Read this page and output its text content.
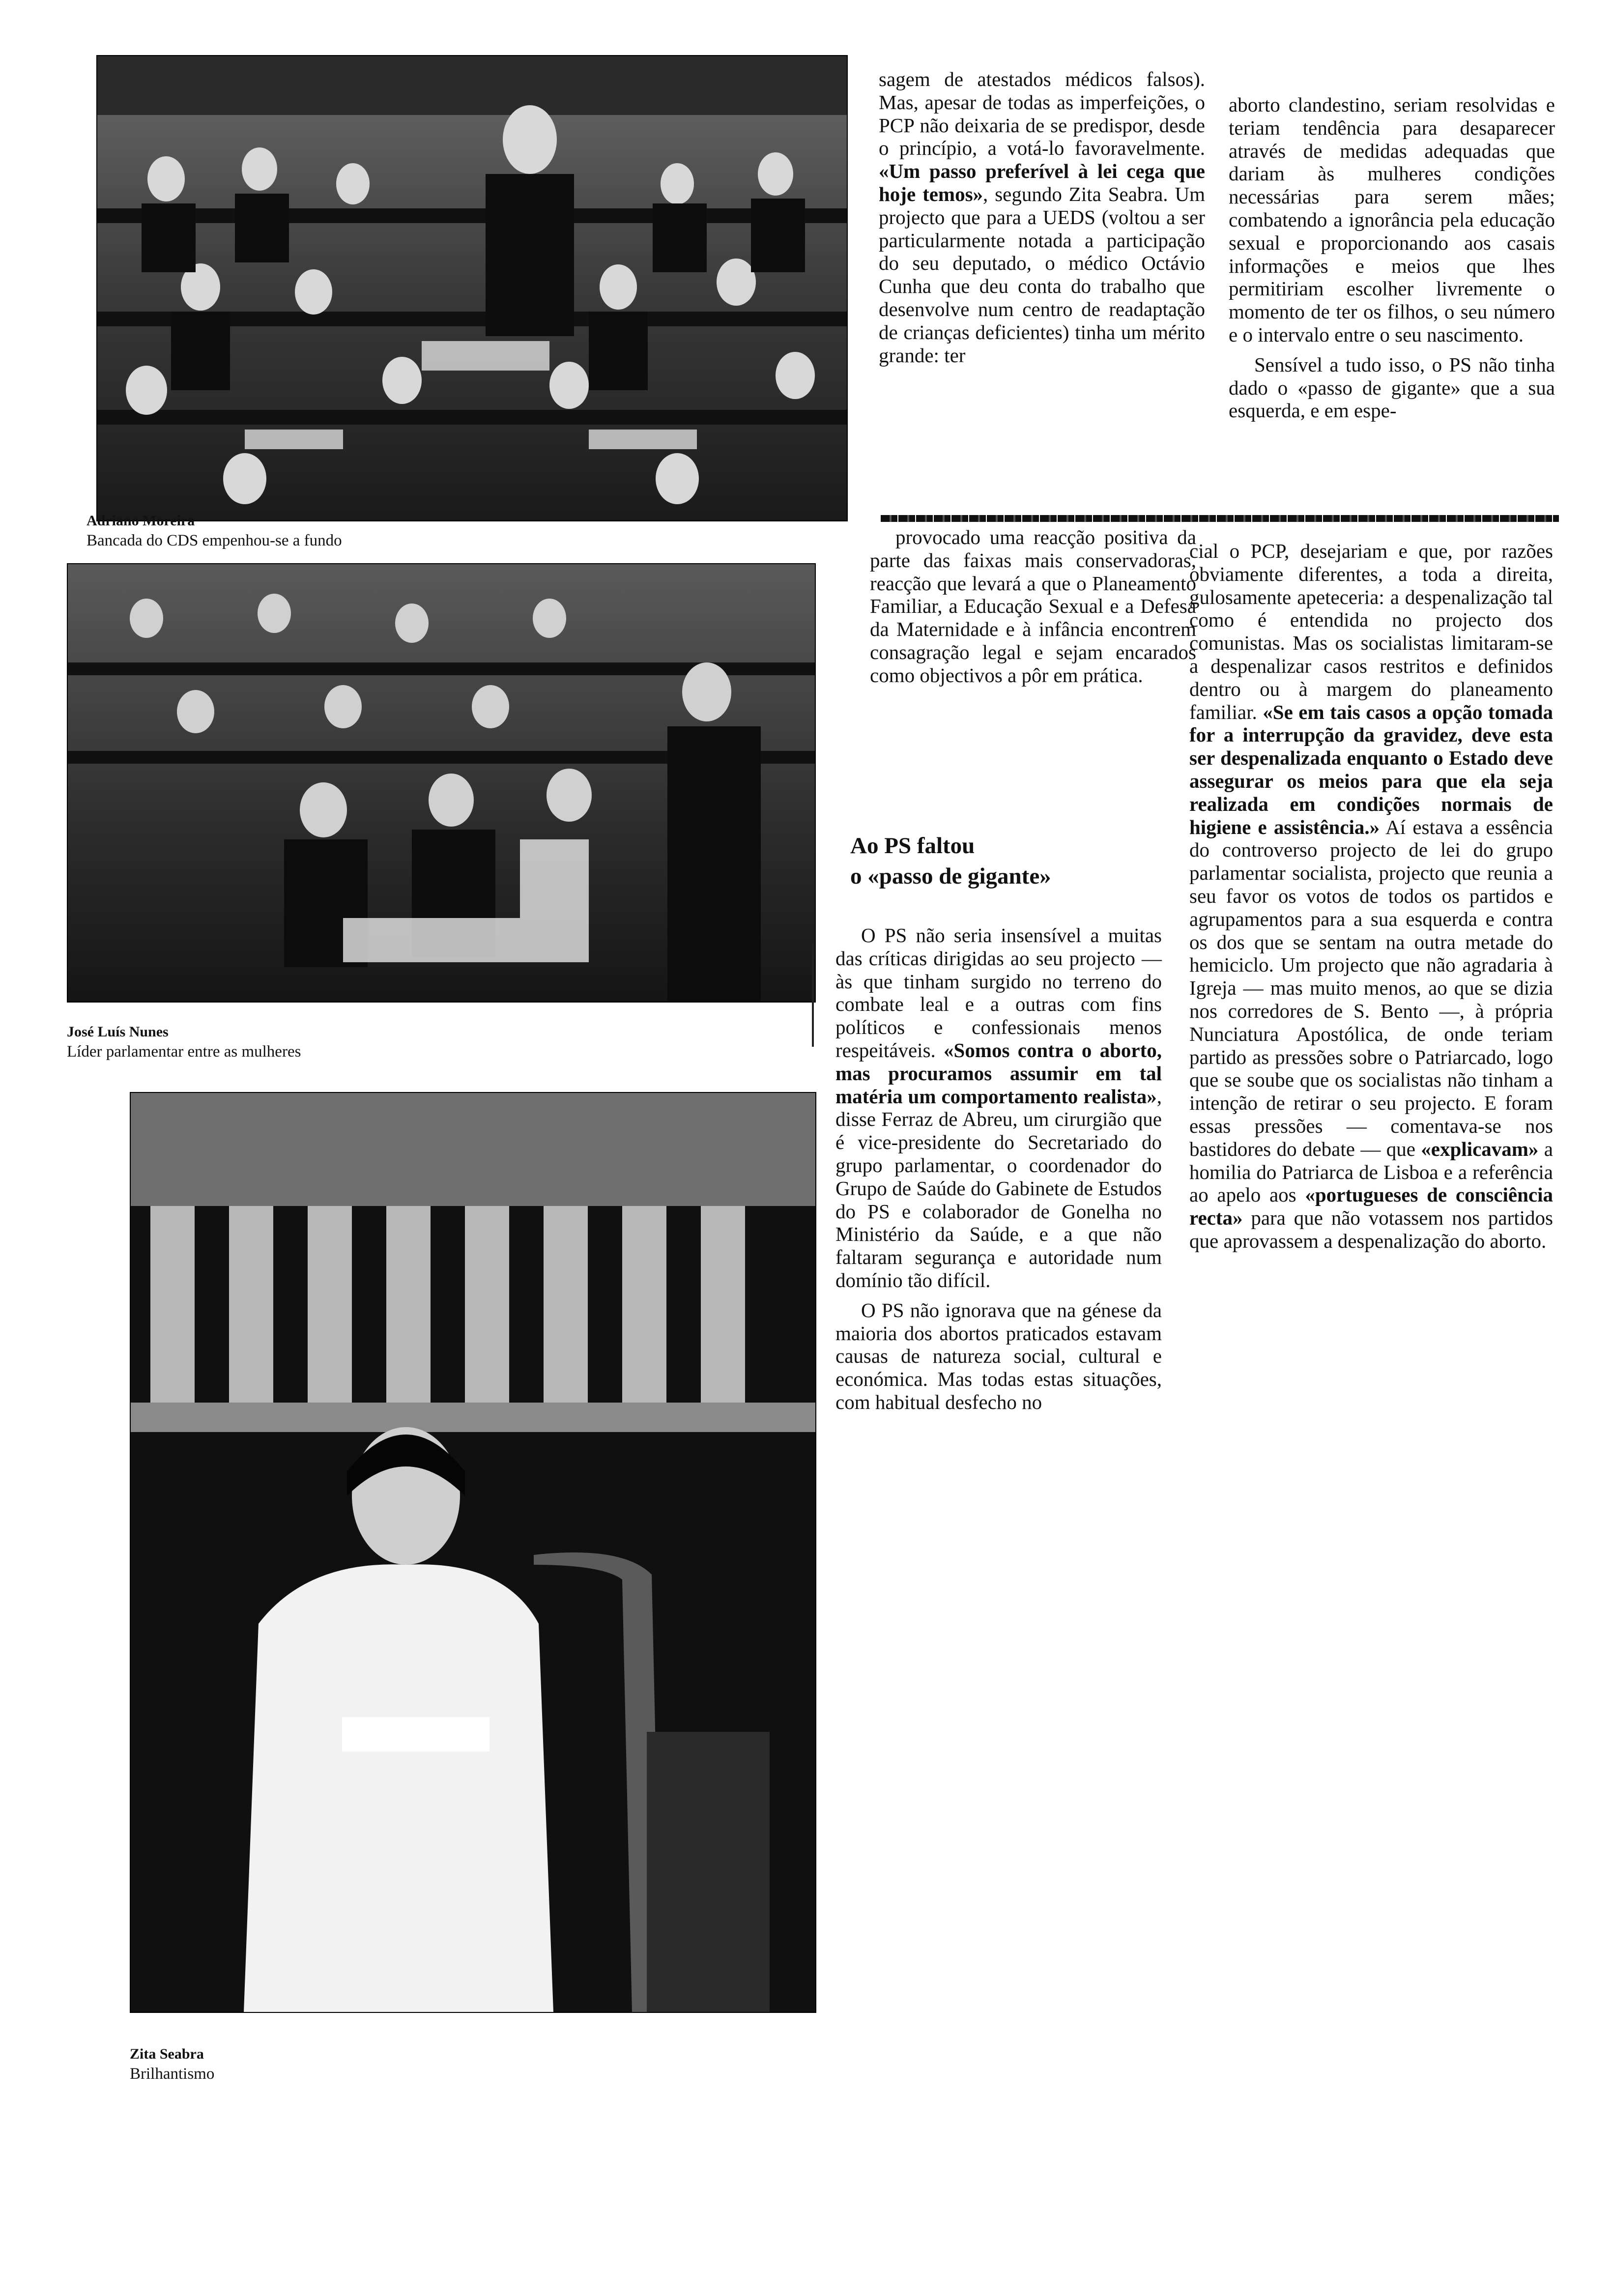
Adriano Moreira
Bancada do CDS empenhou-se a fundo
José Luís Nunes
Líder parlamentar entre as mulheres
Zita Seabra
Brilhantismo

sagem de atestados médicos falsos). Mas, apesar de todas as imperfeições, o PCP não deixaria de se predispor, desde o princípio, a votá-lo favoravelmente. «Um passo preferível à lei cega que hoje temos», segundo Zita Seabra. Um projecto que para a UEDS (voltou a ser particularmente notada a participação do seu deputado, o médico Octávio Cunha que deu conta do trabalho que desenvolve num centro de readaptação de crianças deficientes) tinha um mérito grande: ter

aborto clandestino, seriam resolvidas e teriam tendência para desaparecer através de medidas adequadas que dariam às mulheres condições necessárias para serem mães; combatendo a ignorância pela educação sexual e proporcionando aos casais informações e meios que lhes permitiriam escolher livremente o momento de ter os filhos, o seu número e o intervalo entre o seu nascimento.

Sensível a tudo isso, o PS não tinha dado o «passo de gigante» que a sua esquerda, e em espe-

provocado uma reacção positiva da parte das faixas mais conservadoras, reacção que levará a que o Planeamento Familiar, a Educação Sexual e a Defesa da Maternidade e à infância encontrem consagração legal e sejam encarados como objectivos a pôr em prática.

Ao PS faltou
o «passo de gigante»

O PS não seria insensível a muitas das críticas dirigidas ao seu projecto — às que tinham surgido no terreno do combate leal e a outras com fins políticos e confessionais menos respeitáveis. «Somos contra o aborto, mas procuramos assumir em tal matéria um comportamento realista», disse Ferraz de Abreu, um cirurgião que é vice-presidente do Secretariado do grupo parlamentar, o coordenador do Grupo de Saúde do Gabinete de Estudos do PS e colaborador de Gonelha no Ministério da Saúde, e a que não faltaram segurança e autoridade num domínio tão difícil.

O PS não ignorava que na génese da maioria dos abortos praticados estavam causas de natureza social, cultural e económica. Mas todas estas situações, com habitual desfecho no

cial o PCP, desejariam e que, por razões obviamente diferentes, a toda a direita, gulosamente apeteceria: a despenalização tal como é entendida no projecto dos comunistas. Mas os socialistas limitaram-se a despenalizar casos restritos e definidos dentro ou à margem do planeamento familiar. «Se em tais casos a opção tomada for a interrupção da gravidez, deve esta ser despenalizada enquanto o Estado deve assegurar os meios para que ela seja realizada em condições normais de higiene e assistência.» Aí estava a essência do controverso projecto de lei do grupo parlamentar socialista, projecto que reunia a seu favor os votos de todos os partidos e agrupamentos para a sua esquerda e contra os dos que se sentam na outra metade do hemiciclo. Um projecto que não agradaria à Igreja — mas muito menos, ao que se dizia nos corredores de S. Bento —, à própria Nunciatura Apostólica, de onde teriam partido as pressões sobre o Patriarcado, logo que se soube que os socialistas não tinham a intenção de retirar o seu projecto. E foram essas pressões — comentava-se nos bastidores do debate — que «explicavam» a homilia do Patriarca de Lisboa e a referência ao apelo aos «portugueses de consciência recta» para que não votassem nos partidos que aprovassem a despenalização do aborto.
